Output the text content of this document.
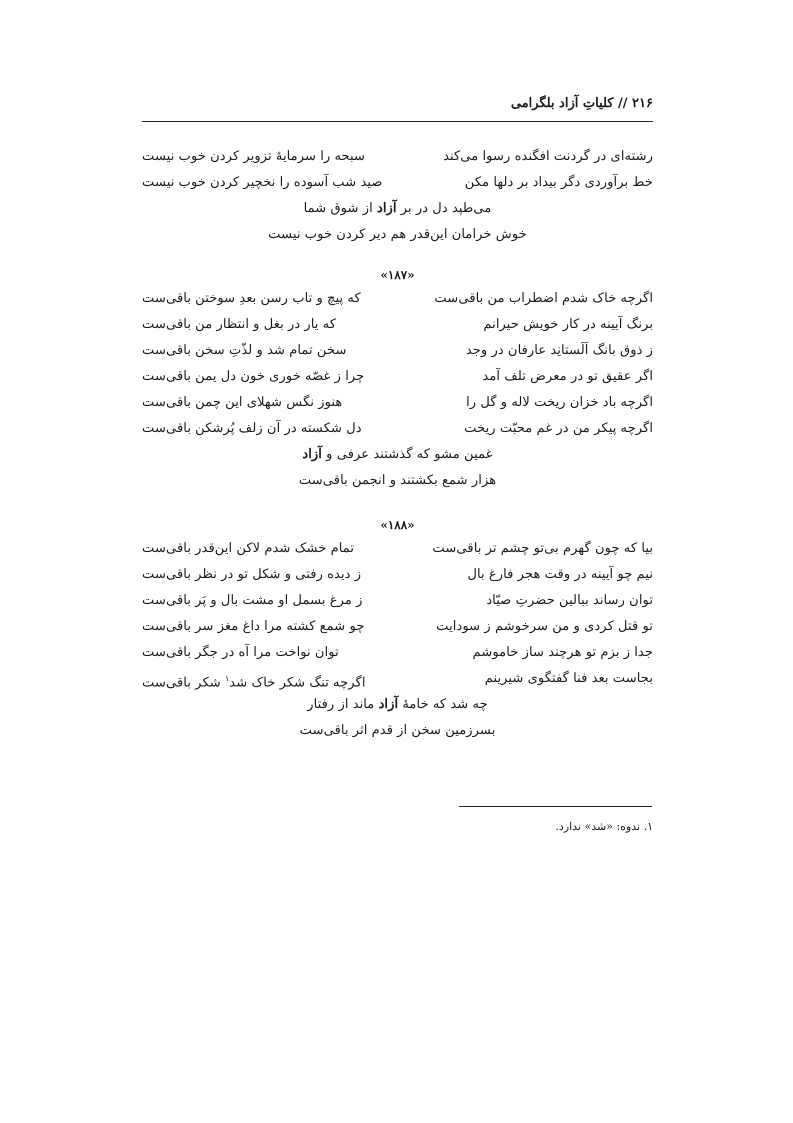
۲۱۶ // کلیاتِ آزاد بلگرامی
رشته‌ای در گردنت افگنده رسوا می‌کند
سبحه را سرمایهٔ تزویر کردن خوب نیست
خط برآوردی دگر بیداد بر دلها مکن
صید شب آسوده را نخچیر کردن خوب نیست
می‌طپد دل در بر آزاد از شوق شما
خوش خرامان این‌قدر هم دیر کردن خوب نیست
«۱۸۷»
اگرچه خاک شدم اضطراب من باقی‌ست
که پیچ و تاب رسن بعدِ سوختن باقی‌ست
برنگ آیینه در کار خویش حیرانم
که یار در بغل و انتظار من باقی‌ست
ز ذوق بانگ اَلَستانِد عارفان در وجد
سخن تمام شد و لذّتِ سخن باقی‌ست
اگر عقیق تو در معرض تلف آمد
چرا ز غصّه خوری خون دل یمن باقی‌ست
اگرچه باد خزان ریخت لاله و گل را
هنوز نگس شهلای این چمن باقی‌ست
اگرچه پیکر من در غم محبّت ریخت
دل شکسته در آن زلف پُرشکن باقی‌ست
غمین مشو که گذشتند عرفی و آزاد
هزار شمع بکشتند و انجمن باقی‌ست
«۱۸۸»
بیا که چون گهرم بی‌تو چشم تر باقی‌ست
تمام خشک شدم لاکن این‌قدر باقی‌ست
نیم چو آیینه در وقت هجر فارغ بال
ز دیده رفتی و شکل تو در نظر باقی‌ست
توان رساند ببالین حضرتِ صیّاد
ز مرغ بسمل او مشت بال و پَر باقی‌ست
تو قتل کردی و من سرخوشم ز سودایت
چو شمع کشته مرا داغ مغز سر باقی‌ست
جدا ز بزم تو هرچند ساز خاموشم
توان نواخت مرا آه در جگر باقی‌ست
بجاست بعد فنا گفتگوی شیرینم
اگرچه تنگ شکر خاک شد$^۱$ شکر باقی‌ست
چه شد که خامهٔ آزاد ماند از رفتار
بسرزمین سخن از قدم اثر باقی‌ست
۱. ندوه: «شد» ندارد.
